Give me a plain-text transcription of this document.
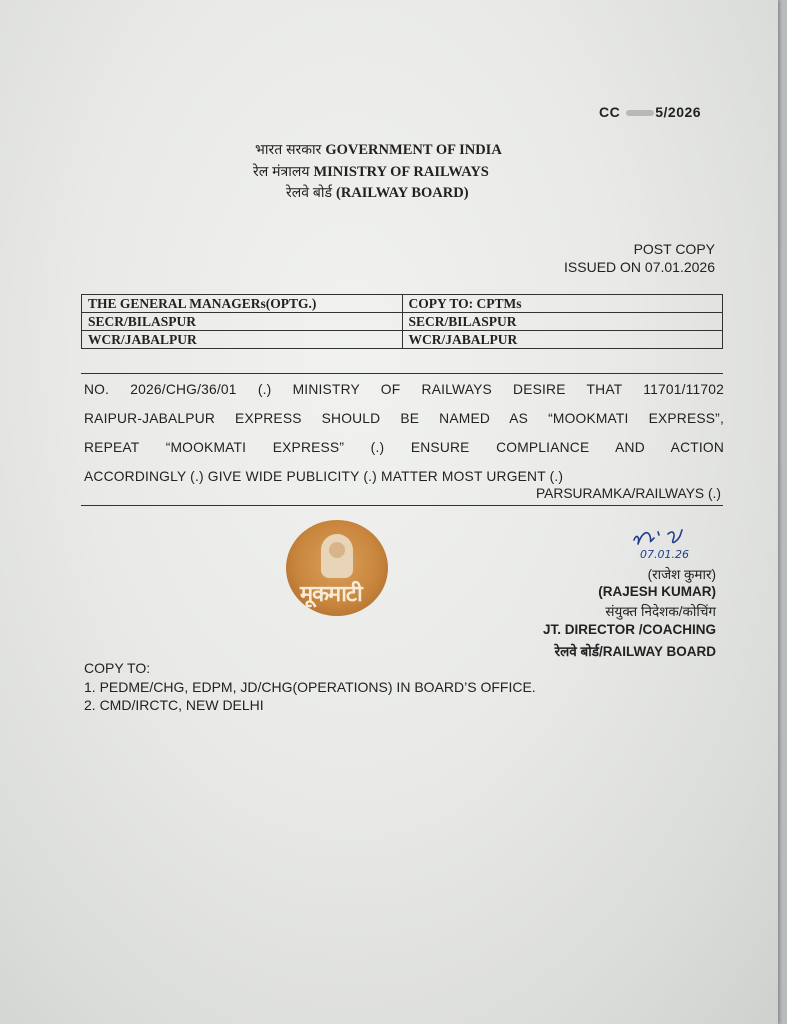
CC	5/2026
भारत सरकार GOVERNMENT OF INDIA
रेल मंत्रालय MINISTRY OF RAILWAYS
रेलवे बोर्ड (RAILWAY BOARD)
POST COPY
ISSUED ON 07.01.2026
THE GENERAL MANAGERs(OPTG.)	COPY TO: CPTMs
SECR/BILASPUR	SECR/BILASPUR
WCR/JABALPUR	WCR/JABALPUR
NO. 2026/CHG/36/01 (.) MINISTRY OF RAILWAYS DESIRE THAT 11701/11702
RAIPUR-JABALPUR EXPRESS SHOULD BE NAMED AS “MOOKMATI EXPRESS”,
REPEAT “MOOKMATI EXPRESS” (.) ENSURE COMPLIANCE AND ACTION
ACCORDINGLY (.) GIVE WIDE PUBLICITY (.) MATTER MOST URGENT (.)
PARSURAMKA/RAILWAYS (.)
मूकमाटी
07.01.26
(राजेश कुमार)
(RAJESH KUMAR)
संयुक्त निदेशक/कोचिंग
JT. DIRECTOR /COACHING
रेलवे बोर्ड/RAILWAY BOARD
COPY TO:
1. PEDME/CHG, EDPM, JD/CHG(OPERATIONS) IN BOARD’S OFFICE.
2. CMD/IRCTC, NEW DELHI
